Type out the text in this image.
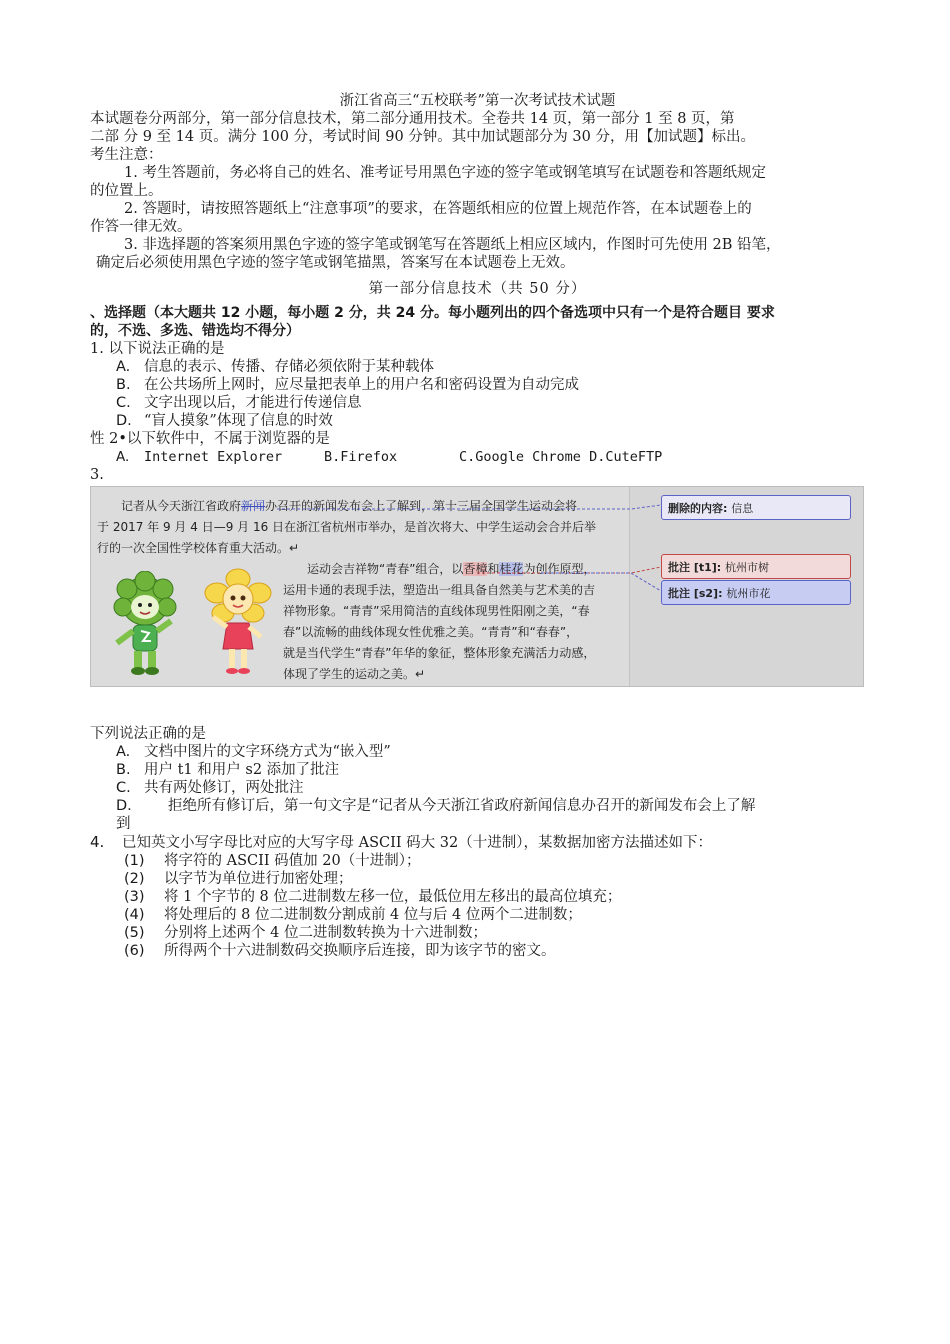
浙江省高三“五校联考”第一次考试技术试题
本试题卷分两部分，第一部分信息技术，第二部分通用技术。全卷共 14 页，第一部分 1 至 8 页，第
二部 分 9 至 14 页。满分 100 分，考试时间 90 分钟。其中加试题部分为 30 分，用【加试题】标出。
考生注意：
1. 考生答题前，务必将自己的姓名、准考证号用黑色字迹的签字笔或钢笔填写在试题卷和答题纸规定
的位置上。
2. 答题时，请按照答题纸上“注意事项”的要求，在答题纸相应的位置上规范作答，在本试题卷上的
作答一律无效。
3. 非选择题的答案须用黑色字迹的签字笔或钢笔写在答题纸上相应区域内，作图时可先使用 2B 铅笔，
确定后必须使用黑色字迹的签字笔或钢笔描黑，答案写在本试题卷上无效。
第一部分信息技术（共 50 分）
、选择题（本大题共 12 小题，每小题 2 分，共 24 分。每小题列出的四个备选项中只有一个是符合题目 要求
的，不选、多选、错选均不得分）
1. 以下说法正确的是
A. 信息的表示、传播、存储必须依附于某种载体
B. 在公共场所上网时，应尽量把表单上的用户名和密码设置为自动完成
C. 文字出现以后，才能进行传递信息
D. “盲人摸象”体现了信息的时效
性 2•以下软件中，不属于浏览器的是
A. Internet Explorer	B.Firefox	C.Google Chrome D.CuteFTP
3.
记者从今天浙江省政府新闻办召开的新闻发布会上了解到，第十三届全国学生运动会将
于 2017 年 9 月 4 日—9 月 16 日在浙江省杭州市举办，是首次将大、中学生运动会合并后举
行的一次全国性学校体育重大活动。↵
运动会吉祥物“青春”组合，以香樟和桂花为创作原型，
运用卡通的表现手法，塑造出一组具备自然美与艺术美的吉
祥物形象。“青青”采用简洁的直线体现男性阳刚之美，“春
春”以流畅的曲线体现女性优雅之美。“青青”和“春春”，
就是当代学生“青春”年华的象征，整体形象充满活力动感，
体现了学生的运动之美。↵
删除的内容: 信息
批注 [t1]: 杭州市树
批注 [s2]: 杭州市花
下列说法正确的是
A. 文档中图片的文字环绕方式为“嵌入型”
B. 用户 t1 和用户 s2 添加了批注
C. 共有两处修订，两处批注
D. 拒绝所有修订后，第一句文字是“记者从今天浙江省政府新闻信息办召开的新闻发布会上了解
到
4. 已知英文小写字母比对应的大写字母 ASCII 码大 32（十进制），某数据加密方法描述如下：
(1) 将字符的 ASCII 码值加 20（十进制）；
(2) 以字节为单位进行加密处理；
(3) 将 1 个字节的 8 位二进制数左移一位，最低位用左移出的最高位填充；
(4) 将处理后的 8 位二进制数分割成前 4 位与后 4 位两个二进制数；
(5) 分别将上述两个 4 位二进制数转换为十六进制数；
(6) 所得两个十六进制数码交换顺序后连接，即为该字节的密文。
